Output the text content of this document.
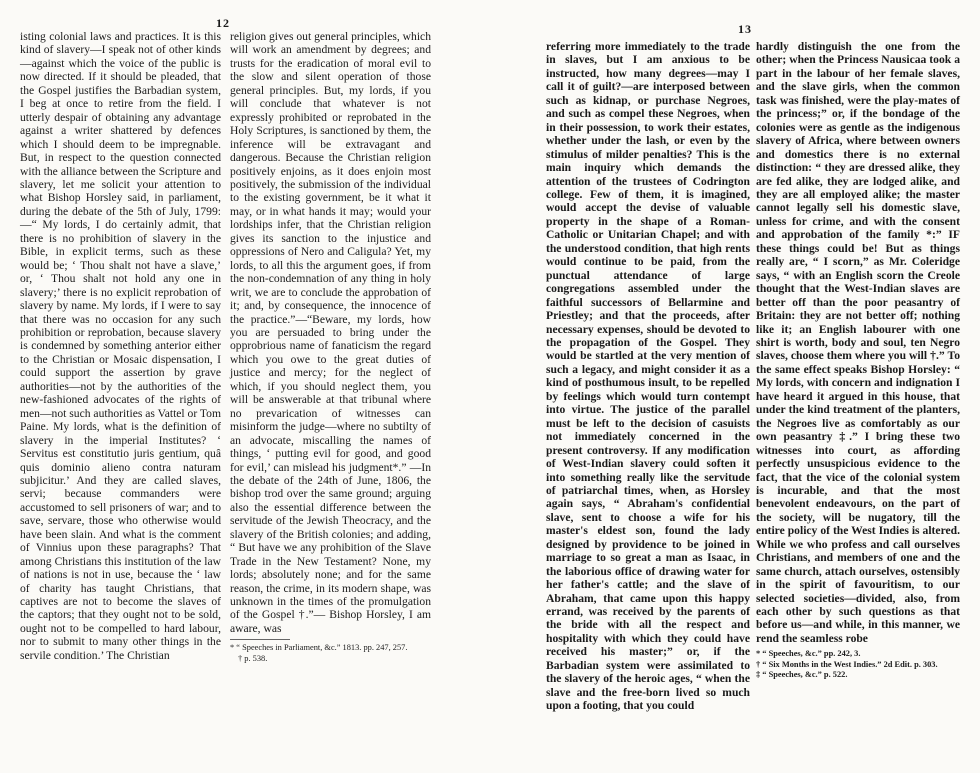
12	13

isting colonial laws and practices. It is this kind of slavery—I speak not of other kinds—against which the voice of the public is now directed. If it should be pleaded, that the Gospel justifies the Barbadian system, I beg at once to retire from the field. I utterly despair of obtaining any advantage against a writer shattered by defences which I should deem to be impregnable. But, in respect to the question connected with the alliance between the Scripture and slavery, let me solicit your attention to what Bishop Horsley said, in parliament, during the debate of the 5th of July, 1799: —“ My lords, I do certainly admit, that there is no prohibition of slavery in the Bible, in explicit terms, such as these would be; ‘ Thou shalt not have a slave,’ or, ‘ Thou shalt not hold any one in slavery;’ there is no explicit reprobation of slavery by name. My lords, if I were to say that there was no occasion for any such prohibition or reprobation, because slavery is condemned by something anterior either to the Christian or Mosaic dispensation, I could support the assertion by grave authorities—not by the authorities of the new-fashioned advocates of the rights of men—not such authorities as Vattel or Tom Paine. My lords, what is the definition of slavery in the imperial Institutes? ‘ Servitus est constitutio juris gentium, quâ quis dominio alieno contra naturam subjicitur.’ And they are called slaves, servi; because commanders were accustomed to sell prisoners of war; and to save, servare, those who otherwise would have been slain. And what is the comment of Vinnius upon these paragraphs? That among Christians this institution of the law of nations is not in use, because the ‘ law of charity has taught Christians, that captives are not to become the slaves of the captors; that they ought not to be sold, ought not to be compelled to hard labour, nor to submit to many other things in the servile condition.’ The Christian

religion gives out general principles, which will work an amendment by degrees; and trusts for the eradication of moral evil to the slow and silent operation of those general principles. But, my lords, if you will conclude that whatever is not expressly prohibited or reprobated in the Holy Scriptures, is sanctioned by them, the inference will be extravagant and dangerous. Because the Christian religion positively enjoins, as it does enjoin most positively, the submission of the individual to the existing government, be it what it may, or in what hands it may; would your lordships infer, that the Christian religion gives its sanction to the injustice and oppressions of Nero and Caligula? Yet, my lords, to all this the argument goes, if from the non-condemnation of any thing in holy writ, we are to conclude the approbation of it; and, by consequence, the innocence of the practice.”—“Beware, my lords, how you are persuaded to bring under the opprobrious name of fanaticism the regard which you owe to the great duties of justice and mercy; for the neglect of which, if you should neglect them, you will be answerable at that tribunal where no prevarication of witnesses can misinform the judge—where no subtilty of an advocate, miscalling the names of things, ‘ putting evil for good, and good for evil,’ can mislead his judgment*.” —In the debate of the 24th of June, 1806, the bishop trod over the same ground; arguing also the essential difference between the servitude of the Jewish Theocracy, and the slavery of the British colonies; and adding, “ But have we any prohibition of the Slave Trade in the New Testament? None, my lords; absolutely none; and for the same reason, the crime, in its modern shape, was unknown in the times of the promulgation of the Gospel †.”— Bishop Horsley, I am aware, was

* “ Speeches in Parliament, &c.” 1813. pp. 247, 257.
† p. 538.

referring more immediately to the trade in slaves, but I am anxious to be instructed, how many degrees—may I call it of guilt?—are interposed between such as kidnap, or purchase Negroes, and such as compel these Negroes, when in their possession, to work their estates, whether under the lash, or even by the stimulus of milder penalties? This is the main inquiry which demands the attention of the trustees of Codrington college. Few of them, it is imagined, would accept the devise of valuable property in the shape of a Roman-Catholic or Unitarian Chapel; and with the understood condition, that high rents would continue to be paid, from the punctual attendance of large congregations assembled under the faithful successors of Bellarmine and Priestley; and that the proceeds, after necessary expenses, should be devoted to the propagation of the Gospel. They would be startled at the very mention of such a legacy, and might consider it as a kind of posthumous insult, to be repelled by feelings which would turn contempt into virtue. The justice of the parallel must be left to the decision of casuists not immediately concerned in the present controversy. If any modification of West-Indian slavery could soften it into something really like the servitude of patriarchal times, when, as Horsley again says, “ Abraham's confidential slave, sent to choose a wife for his master's eldest son, found the lady designed by providence to be joined in marriage to so great a man as Isaac, in the laborious office of drawing water for her father's cattle; and the slave of Abraham, that came upon this happy errand, was received by the parents of the bride with all the respect and hospitality with which they could have received his master;” or, if the Barbadian system were assimilated to the slavery of the heroic ages, “ when the slave and the free-born lived so much upon a footing, that you could

hardly distinguish the one from the other; when the Princess Nausicaa took a part in the labour of her female slaves, and the slave girls, when the common task was finished, were the play-mates of the princess;” or, if the bondage of the colonies were as gentle as the indigenous slavery of Africa, where between owners and domestics there is no external distinction: “ they are dressed alike, they are fed alike, they are lodged alike, and they are all employed alike; the master cannot legally sell his domestic slave, unless for crime, and with the consent and approbation of the family *:” IF these things could be! But as things really are, “ I scorn,” as Mr. Coleridge says, “ with an English scorn the Creole thought that the West-Indian slaves are better off than the poor peasantry of Britain: they are not better off; nothing like it; an English labourer with one shirt is worth, body and soul, ten Negro slaves, choose them where you will †.” To the same effect speaks Bishop Horsley: “ My lords, with concern and indignation I have heard it argued in this house, that under the kind treatment of the planters, the Negroes live as comfortably as our own peasantry ‡.” I bring these two witnesses into court, as affording perfectly unsuspicious evidence to the fact, that the vice of the colonial system is incurable, and that the most benevolent endeavours, on the part of the society, will be nugatory, till the entire policy of the West Indies is altered. While we who profess and call ourselves Christians, and members of one and the same church, attach ourselves, ostensibly in the spirit of favouritism, to our selected societies—divided, also, from each other by such questions as that before us—and while, in this manner, we rend the seamless robe

* “ Speeches, &c.” pp. 242, 3.
† “ Six Months in the West Indies.” 2d Edit. p. 303.
‡ “ Speeches, &c.” p. 522.
